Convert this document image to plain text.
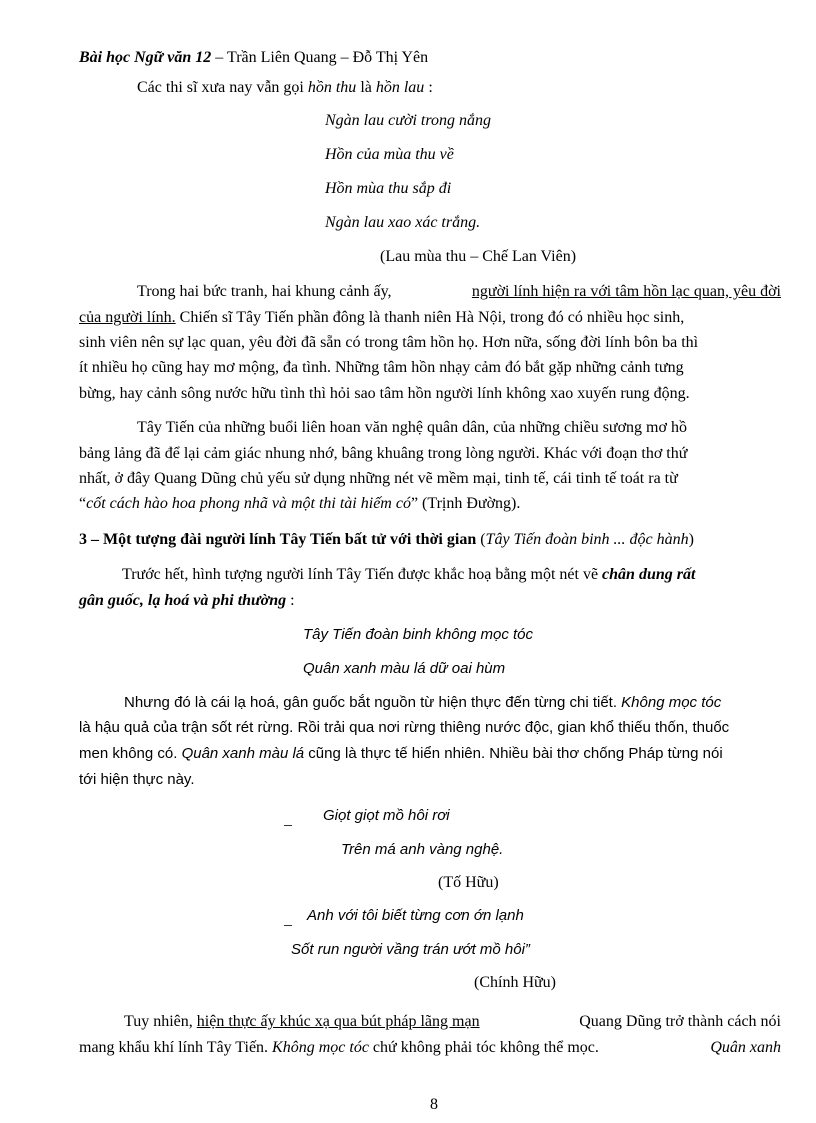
Bài học Ngữ văn 12 – Trần Liên Quang – Đỗ Thị Yên
Các thi sĩ xưa nay vẫn gọi hồn thu là hồn lau :
Ngàn lau cười trong nắng
Hồn của mùa thu về
Hồn mùa thu sắp đi
Ngàn lau xao xác trắng.
(Lau mùa thu – Chế Lan Viên)
Trong hai bức tranh, hai khung cảnh ấy,	người lính hiện ra với tâm hồn lạc quan, yêu đời
của người lính. Chiến sĩ Tây Tiến phần đông là thanh niên Hà Nội, trong đó có nhiều học sinh,
sinh viên nên sự lạc quan, yêu đời đã sẵn có trong tâm hồn họ. Hơn nữa, sống đời lính bôn ba thì
ít nhiều họ cũng hay mơ mộng, đa tình. Những tâm hồn nhạy cảm đó bắt gặp những cảnh tưng
bừng, hay cảnh sông nước hữu tình thì hỏi sao tâm hồn người lính không xao xuyến rung động.
Tây Tiến của những buổi liên hoan văn nghệ quân dân, của những chiều sương mơ hồ
bảng lảng đã để lại cảm giác nhung nhớ, bâng khuâng trong lòng người. Khác với đoạn thơ thứ
nhất, ở đây Quang Dũng chủ yếu sử dụng những nét vẽ mềm mại, tinh tế, cái tinh tế toát ra từ
“cốt cách hào hoa phong nhã và một thi tài hiếm có” (Trịnh Đường).
3 – Một tượng đài người lính Tây Tiến bất tử với thời gian (Tây Tiến đoàn binh ... độc hành)
Trước hết, hình tượng người lính Tây Tiến được khắc hoạ bằng một nét vẽ chân dung rất
gân guốc, lạ hoá và phi thường :
Tây Tiến đoàn binh không mọc tóc
Quân xanh màu lá dữ oai hùm
Nhưng đó là cái lạ hoá, gân guốc bắt nguồn từ hiện thực đến từng chi tiết. Không mọc tóc
là hậu quả của trận sốt rét rừng. Rồi trải qua nơi rừng thiêng nước độc, gian khổ thiếu thốn, thuốc
men không có. Quân xanh màu lá cũng là thực tế hiển nhiên. Nhiều bài thơ chống Pháp từng nói
tới hiện thực này.
_ Giọt giọt mồ hôi rơi
Trên má anh vàng nghệ.
(Tố Hữu)
_ Anh với tôi biết từng cơn ớn lạnh
Sốt run người vầng trán ướt mồ hôi”
(Chính Hữu)
Tuy nhiên, hiện thực ấy khúc xạ qua bút pháp lãng mạn	Quang Dũng trở thành cách nói
mang khẩu khí lính Tây Tiến. Không mọc tóc chứ không phải tóc không thể mọc.	Quân xanh
8
